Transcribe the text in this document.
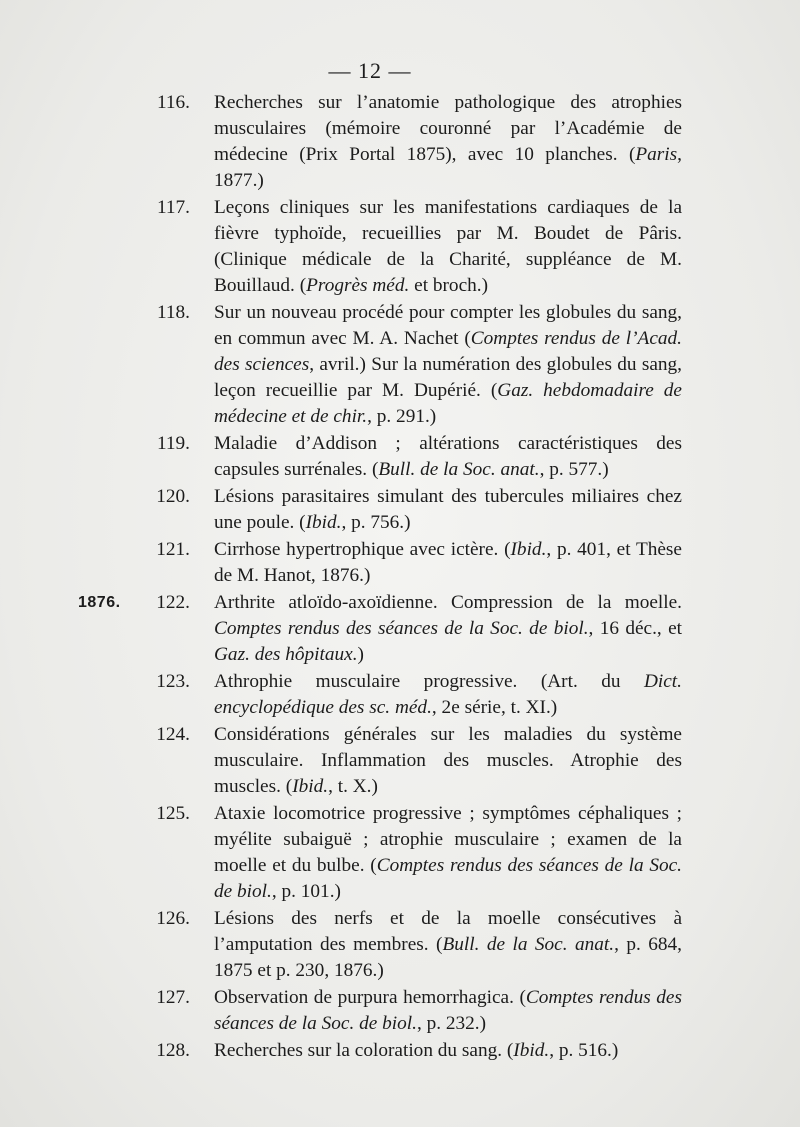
— 12 —
116. Recherches sur l’anatomie pathologique des atrophies musculaires (mémoire couronné par l’Académie de médecine (Prix Portal 1875), avec 10 planches. (Paris, 1877.)
117. Leçons cliniques sur les manifestations cardiaques de la fièvre typhoïde, recueillies par M. Boudet de Pâris. (Clinique médicale de la Charité, suppléance de M. Bouillaud. (Progrès méd. et broch.)
118. Sur un nouveau procédé pour compter les globules du sang, en commun avec M. A. Nachet (Comptes rendus de l’Acad. des sciences, avril.) Sur la numération des globules du sang, leçon recueillie par M. Dupérié. (Gaz. hebdomadaire de médecine et de chir., p. 291.)
119. Maladie d’Addison ; altérations caractéristiques des capsules surrénales. (Bull. de la Soc. anat., p. 577.)
120. Lésions parasitaires simulant des tubercules miliaires chez une poule. (Ibid., p. 756.)
121. Cirrhose hypertrophique avec ictère. (Ibid., p. 401, et Thèse de M. Hanot, 1876.)
1876.	122. Arthrite atloïdo-axoïdienne. Compression de la moelle. Comptes rendus des séances de la Soc. de biol., 16 déc., et Gaz. des hôpitaux.)
123. Athrophie musculaire progressive. (Art. du Dict. encyclopédique des sc. méd., 2e série, t. XI.)
124. Considérations générales sur les maladies du système musculaire. Inflammation des muscles. Atrophie des muscles. (Ibid., t. X.)
125. Ataxie locomotrice progressive ; symptômes céphaliques ; myélite subaiguë ; atrophie musculaire ; examen de la moelle et du bulbe. (Comptes rendus des séances de la Soc. de biol., p. 101.)
126. Lésions des nerfs et de la moelle consécutives à l’amputation des membres. (Bull. de la Soc. anat., p. 684, 1875 et p. 230, 1876.)
127. Observation de purpura hemorrhagica. (Comptes rendus des séances de la Soc. de biol., p. 232.)
128. Recherches sur la coloration du sang. (Ibid., p. 516.)
